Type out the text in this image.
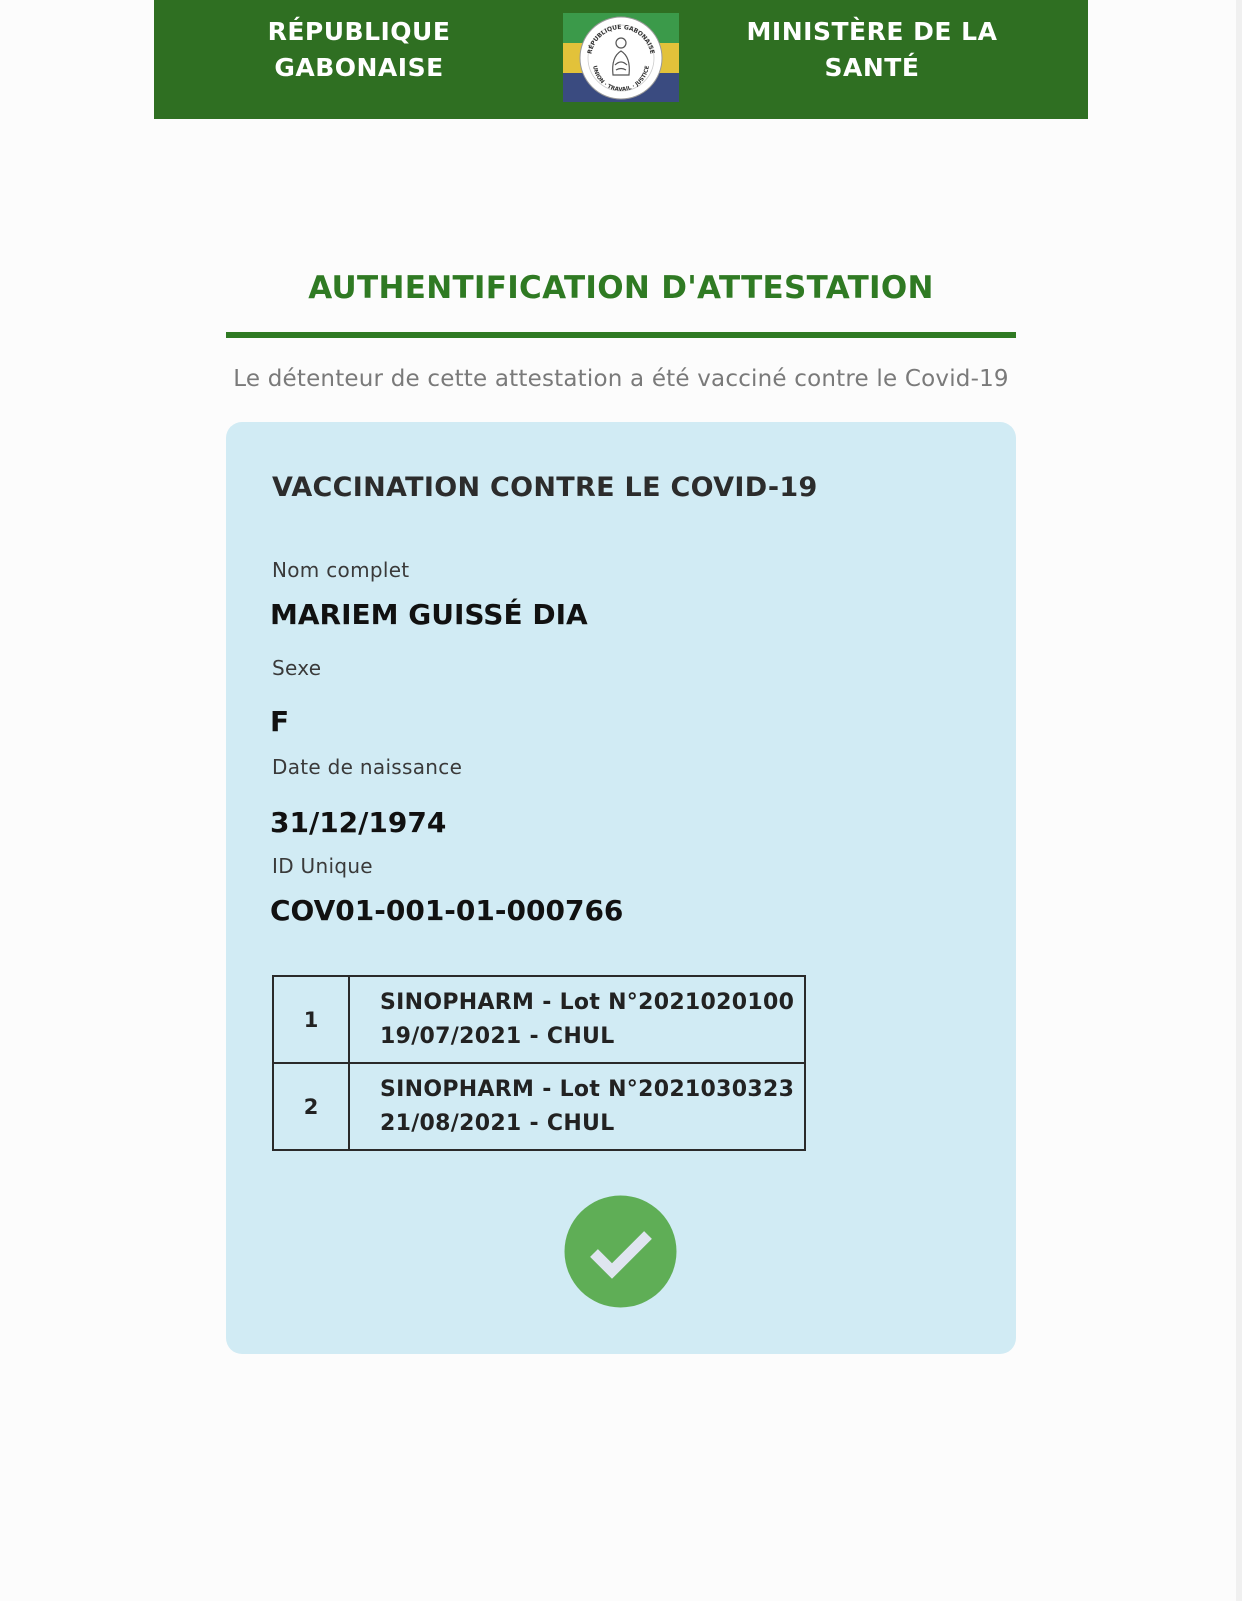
RÉPUBLIQUE
GABONAISE
RÉPUBLIQUE GABONAISE
UNION · TRAVAIL · JUSTICE
MINISTÈRE DE LA
SANTÉ
AUTHENTIFICATION D'ATTESTATION
Le détenteur de cette attestation a été vacciné contre le Covid-19
VACCINATION CONTRE LE COVID-19
Nom complet
MARIEM GUISSÉ DIA
Sexe
F
Date de naissance
31/12/1974
ID Unique
COV01-001-01-000766
1	SINOPHARM - Lot N°2021020100
19/07/2021 - CHUL

2	SINOPHARM - Lot N°2021030323
21/08/2021 - CHUL
